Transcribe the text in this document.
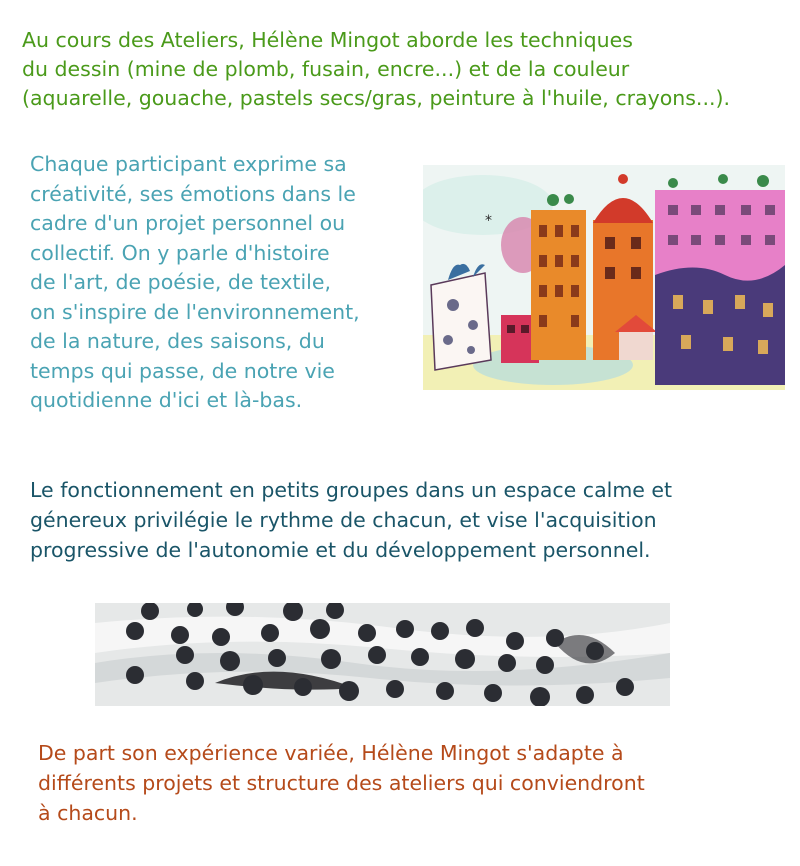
Au cours des Ateliers, Hélène Mingot aborde les techniques
du dessin (mine de plomb, fusain, encre...) et de la couleur
(aquarelle, gouache, pastels secs/gras, peinture à l'huile, crayons...).

Chaque participant exprime sa
créativité, ses émotions dans le
cadre d'un projet personnel ou
collectif. On y parle d'histoire
de l'art, de poésie, de textile,
on s'inspire de l'environnement,
de la nature, des saisons, du
temps qui passe, de notre vie
quotidienne d'ici et là-bas.

*

Le fonctionnement en petits groupes dans un espace calme et
génereux privilégie le rythme de chacun, et vise l'acquisition
progressive de l'autonomie et du développement personnel.

De part son expérience variée, Hélène Mingot s'adapte à
différents projets et structure des ateliers qui conviendront
à chacun.
